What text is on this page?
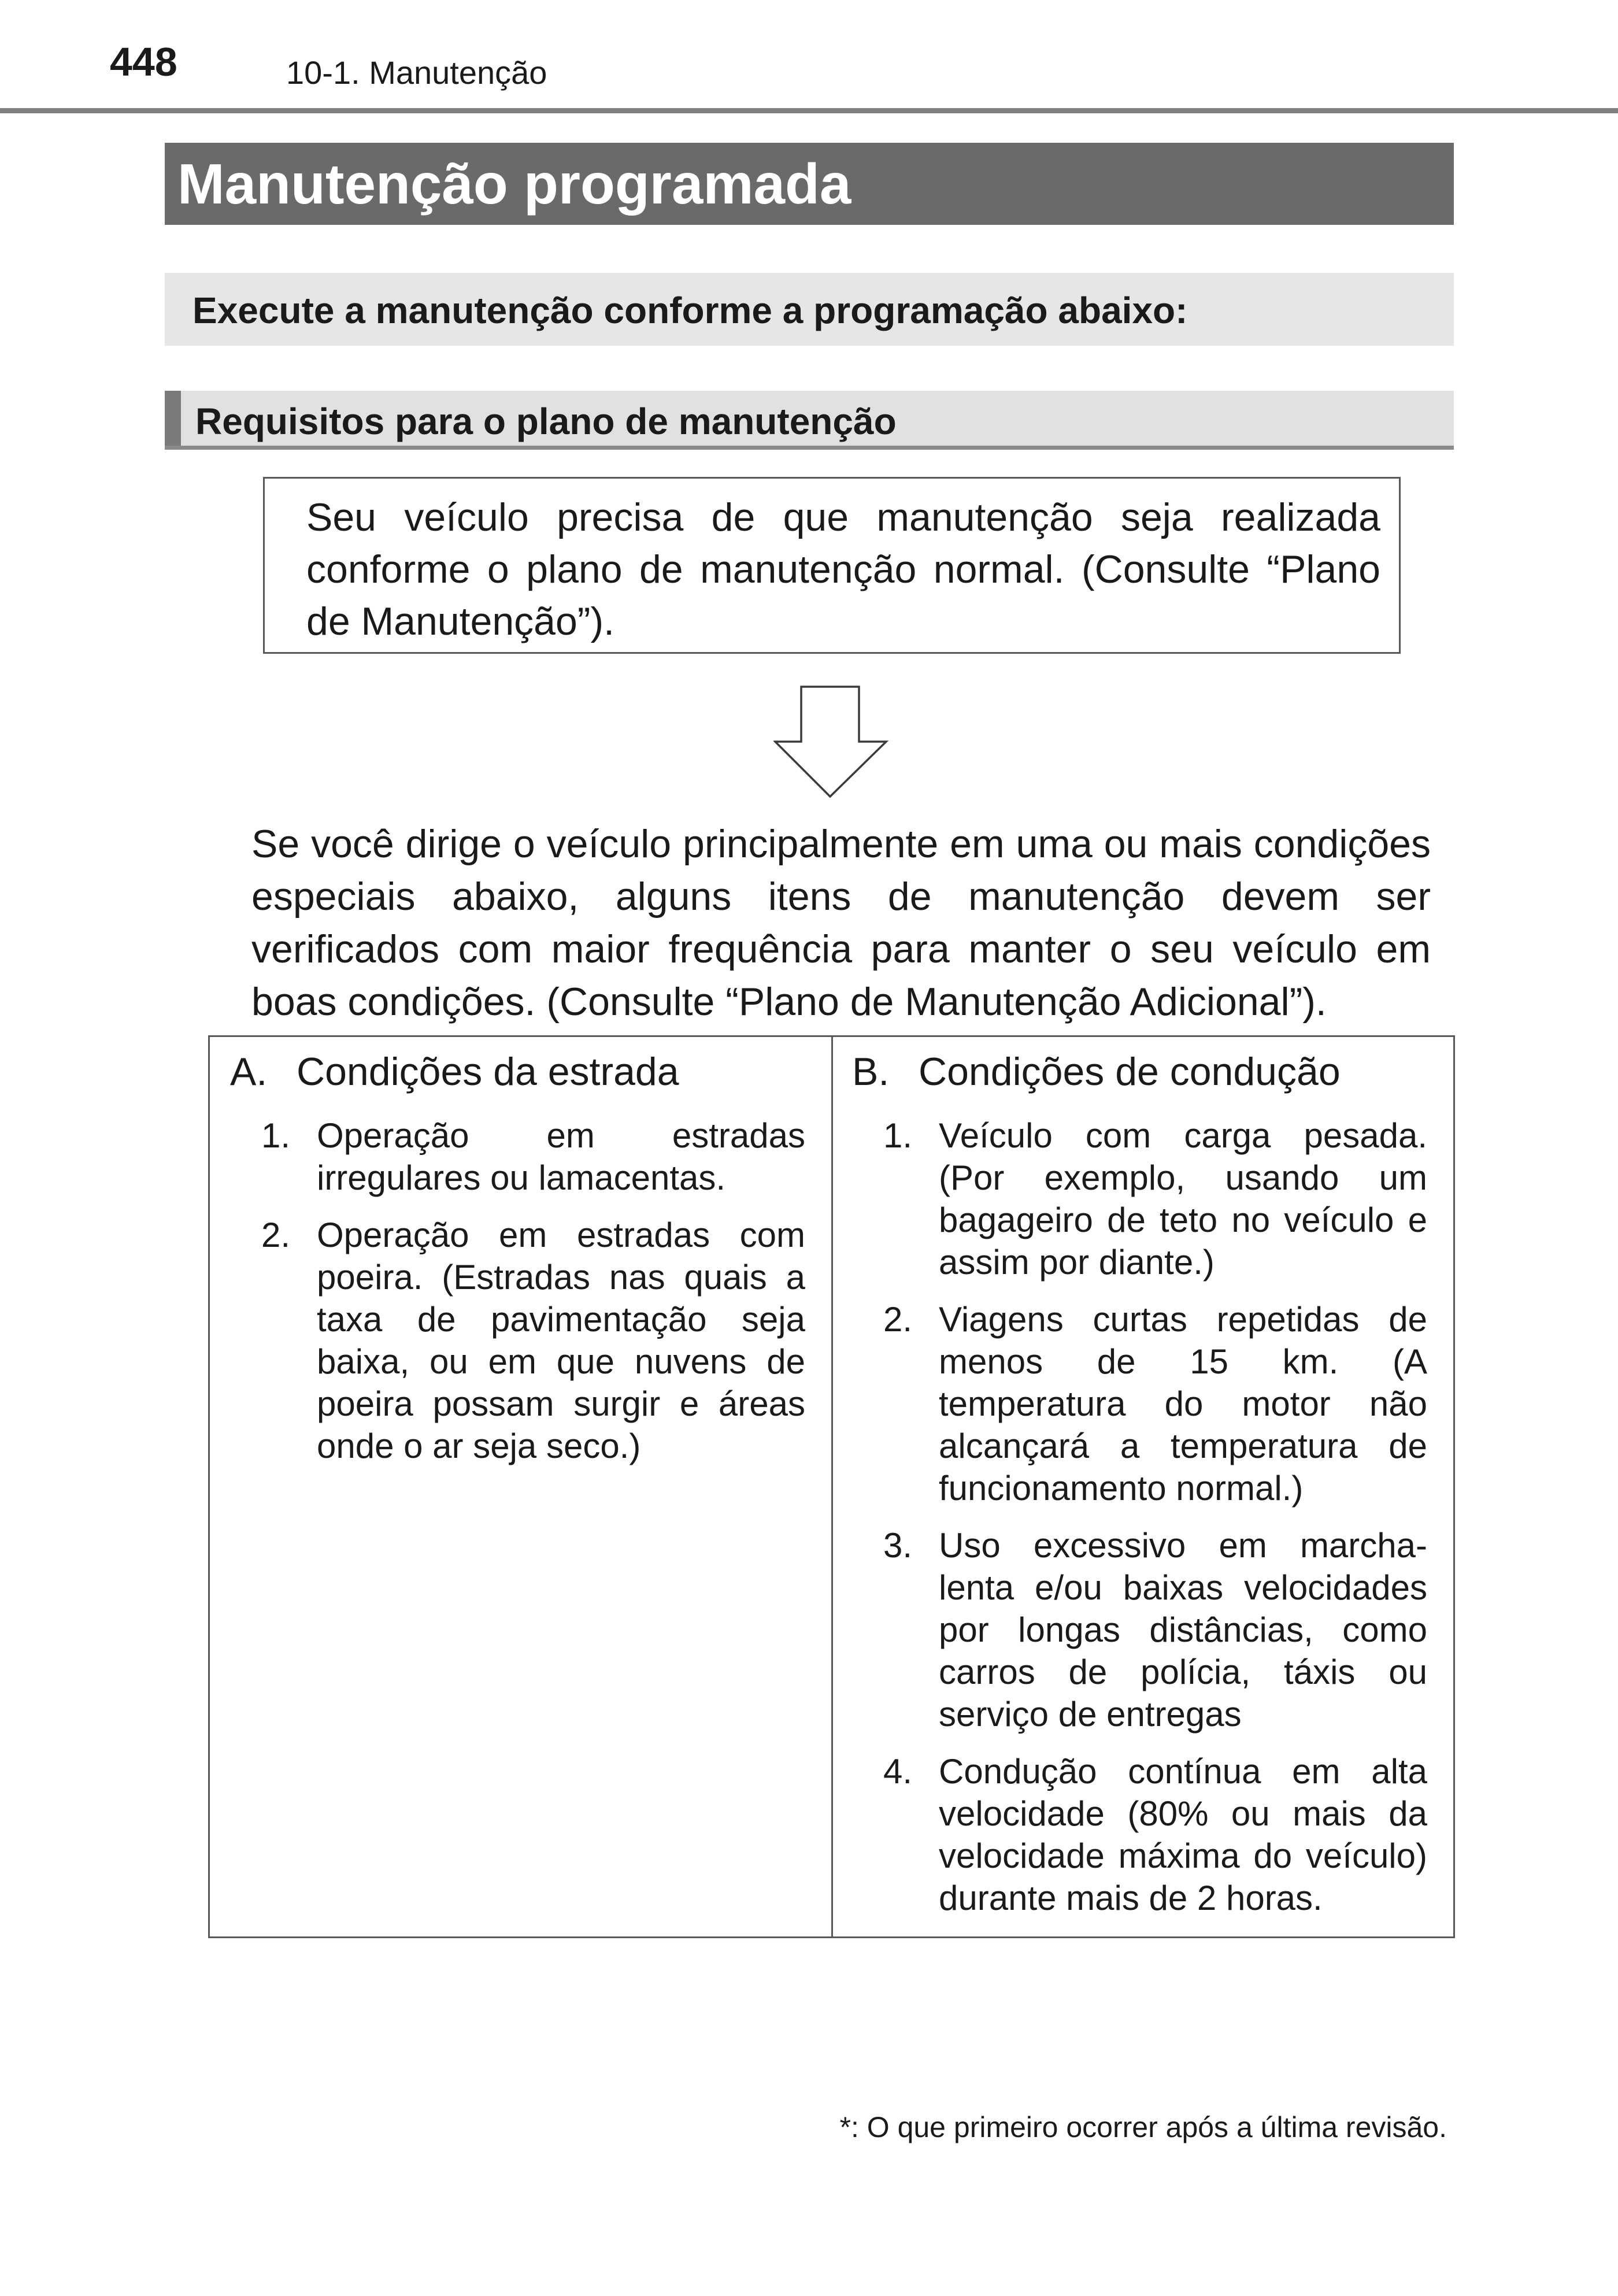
448	10-1. Manutenção
Manutenção programada
Execute a manutenção conforme a programação abaixo:
Requisitos para o plano de manutenção
Seu veículo precisa de que manutenção seja realizada conforme o plano de manutenção normal. (Consulte “Plano de Manutenção”).
Se você dirige o veículo principalmente em uma ou mais condições especiais abaixo, alguns itens de manutenção devem ser verificados com maior frequência para manter o seu veículo em boas condições. (Consulte “Plano de Manutenção Adicional”).
A. Condições da estrada
1. Operação em estradas irregulares ou lamacentas.
2. Operação em estradas com poeira. (Estradas nas quais a taxa de pavimentação seja baixa, ou em que nuvens de poeira possam surgir e áreas onde o ar seja seco.)
B. Condições de condução
1. Veículo com carga pesada. (Por exemplo, usando um bagageiro de teto no veículo e assim por diante.)
2. Viagens curtas repetidas de menos de 15 km. (A temperatura do motor não alcançará a temperatura de funcionamento normal.)
3. Uso excessivo em marcha-lenta e/ou baixas velocidades por longas distâncias, como carros de polícia, táxis ou serviço de entregas
4. Condução contínua em alta velocidade (80% ou mais da velocidade máxima do veículo) durante mais de 2 horas.
*: O que primeiro ocorrer após a última revisão.
